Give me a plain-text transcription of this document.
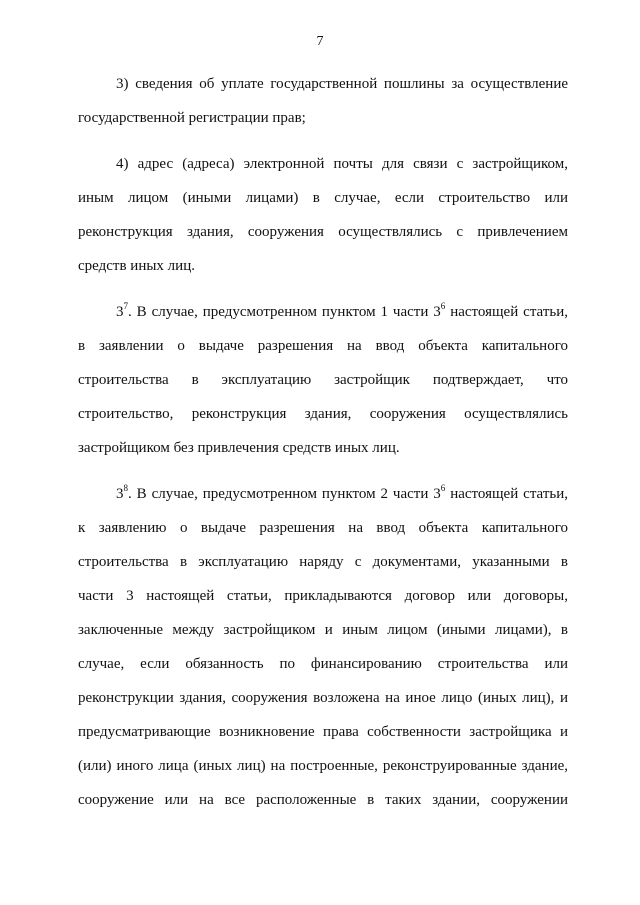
7
3) сведения об уплате государственной пошлины за осуществление
государственной регистрации прав;
4) адрес (адреса) электронной почты для связи с застройщиком,
иным лицом (иными лицами) в случае, если строительство или
реконструкция здания, сооружения осуществлялись с привлечением
средств иных лиц.
$3^7$. В случае, предусмотренном пунктом 1 части $3^6$ настоящей статьи,
в заявлении о выдаче разрешения на ввод объекта капитального
строительства в эксплуатацию застройщик подтверждает, что
строительство, реконструкция здания, сооружения осуществлялись
застройщиком без привлечения средств иных лиц.
$3^8$. В случае, предусмотренном пунктом 2 части $3^6$ настоящей статьи,
к заявлению о выдаче разрешения на ввод объекта капитального
строительства в эксплуатацию наряду с документами, указанными в
части 3 настоящей статьи, прикладываются договор или договоры,
заключенные между застройщиком и иным лицом (иными лицами), в
случае, если обязанность по финансированию строительства или
реконструкции здания, сооружения возложена на иное лицо (иных лиц), и
предусматривающие возникновение права собственности застройщика и
(или) иного лица (иных лиц) на построенные, реконструированные здание,
сооружение или на все расположенные в таких здании, сооружении
